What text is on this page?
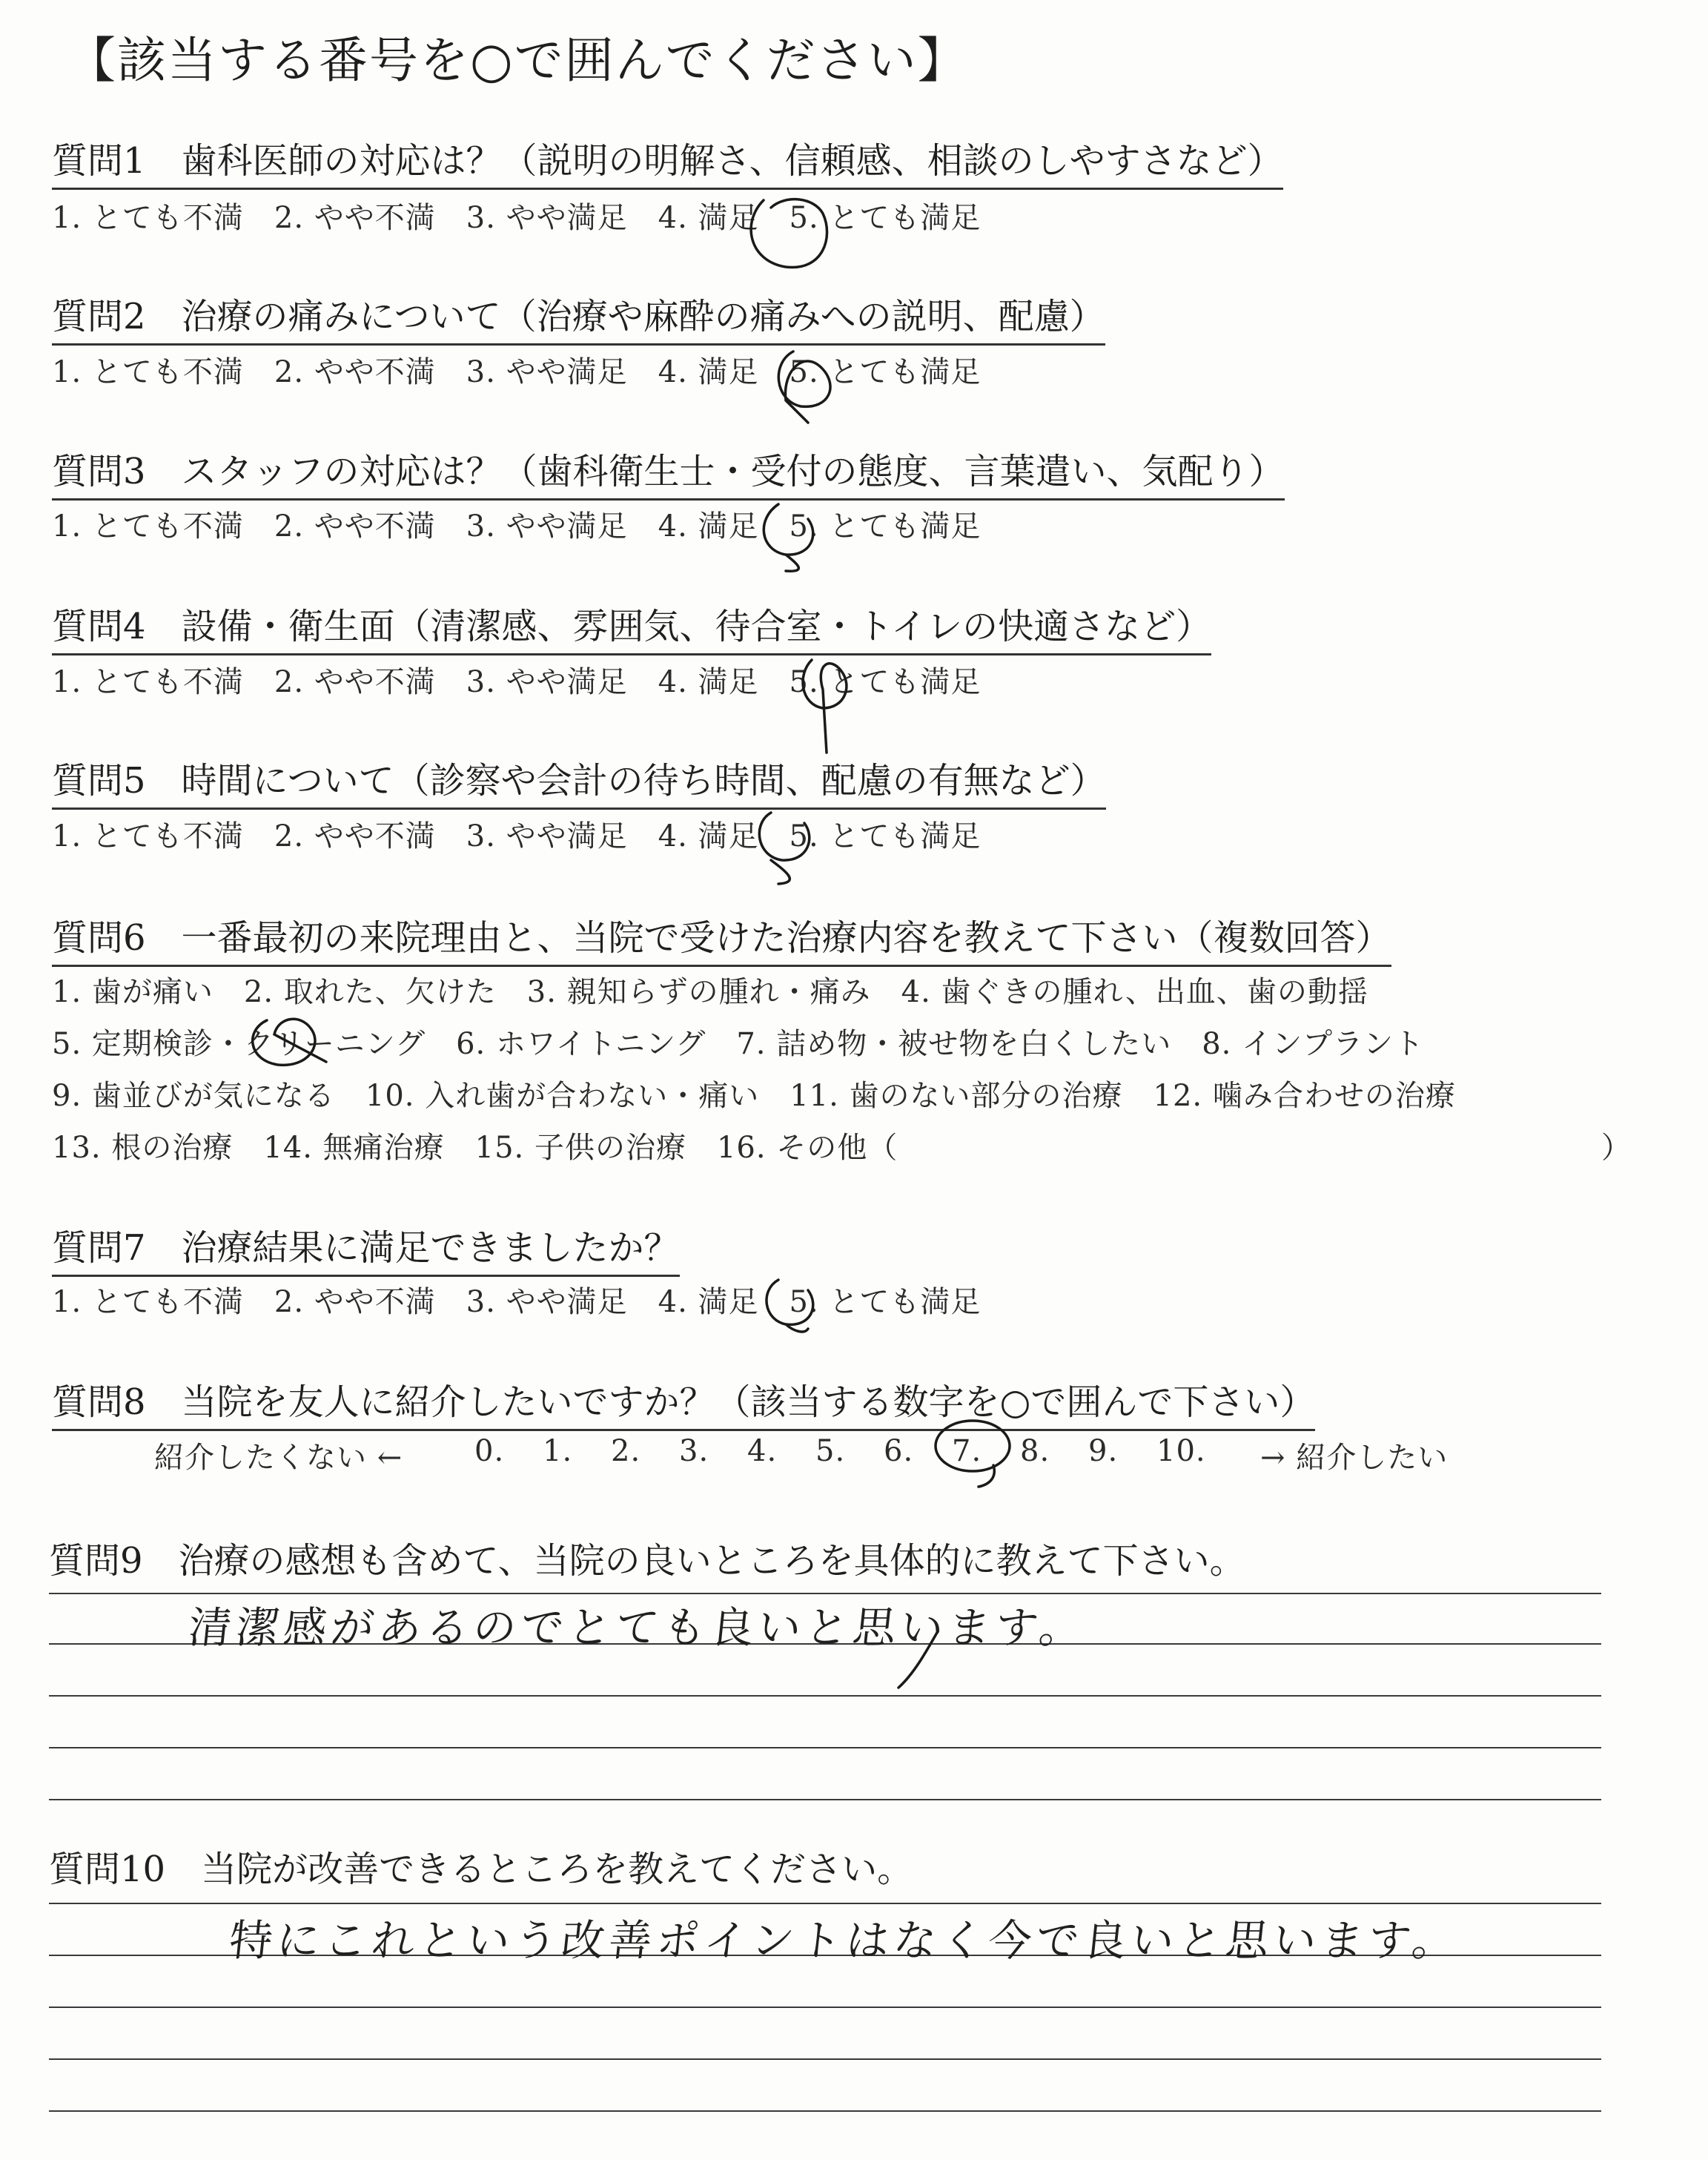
【該当する番号を○で囲んでください】
質問1　歯科医師の対応は？（説明の明解さ、信頼感、相談のしやすさなど）
1. とても不満　2. やや不満　3. やや満足　4. 満足　5. とても満足
質問2　治療の痛みについて（治療や麻酔の痛みへの説明、配慮）
1. とても不満　2. やや不満　3. やや満足　4. 満足　5. とても満足
質問3　スタッフの対応は？（歯科衛生士・受付の態度、言葉遣い、気配り）
1. とても不満　2. やや不満　3. やや満足　4. 満足　5. とても満足
質問4　設備・衛生面（清潔感、雰囲気、待合室・トイレの快適さなど）
1. とても不満　2. やや不満　3. やや満足　4. 満足　5. とても満足
質問5　時間について（診察や会計の待ち時間、配慮の有無など）
1. とても不満　2. やや不満　3. やや満足　4. 満足　5. とても満足
質問6　一番最初の来院理由と、当院で受けた治療内容を教えて下さい（複数回答）
1. 歯が痛い　2. 取れた、欠けた　3. 親知らずの腫れ・痛み　4. 歯ぐきの腫れ、出血、歯の動揺
5. 定期検診・クリーニング　6. ホワイトニング　7. 詰め物・被せ物を白くしたい　8. インプラント
9. 歯並びが気になる　10. 入れ歯が合わない・痛い　11. 歯のない部分の治療　12. 噛み合わせの治療
13. 根の治療　14. 無痛治療　15. 子供の治療　16. その他（	）
質問7　治療結果に満足できましたか？
1. とても不満　2. やや不満　3. やや満足　4. 満足　5. とても満足
質問8　当院を友人に紹介したいですか？（該当する数字を○で囲んで下さい）
紹介したくない ← 0. 1. 2. 3. 4. 5. 6. 7. 8. 9. 10. → 紹介したい
質問9　治療の感想も含めて、当院の良いところを具体的に教えて下さい。
清潔感があるのでとても良いと思います。
質問10　当院が改善できるところを教えてください。
特にこれという改善ポイントはなく今で良いと思います。
